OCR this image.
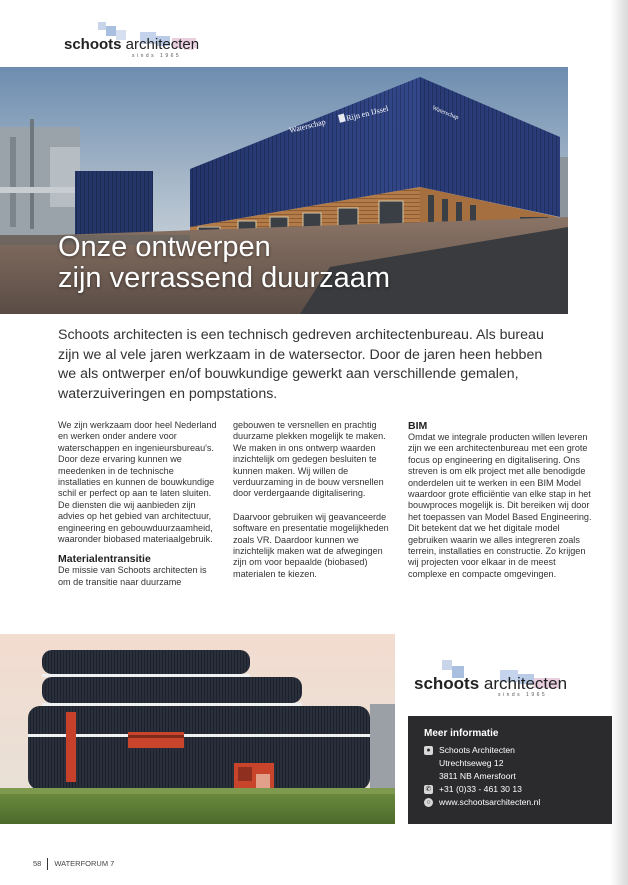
schoots architecten
sinds 1965
Waterschap
Rijn en IJssel	Waterschap
Onze ontwerpen
zijn verrassend duurzaam
Schoots architecten is een technisch gedreven architectenbureau. Als bureau zijn we al vele jaren werkzaam in de watersector. Door de jaren heen hebben we als ontwerper en/of bouwkundige gewerkt aan verschillende gemalen, waterzuiveringen en pompstations.

We zijn werkzaam door heel Nederland en werken onder andere voor waterschappen en ingenieursbureau's. Door deze ervaring kunnen we meedenken in de technische installaties en kunnen de bouwkundige schil er perfect op aan te laten sluiten. De diensten die wij aanbieden zijn advies op het gebied van architectuur, engineering en gebouwduurzaamheid, waaronder biobased materiaalgebruik.

Materialentransitie

De missie van Schoots architecten is om de transitie naar duurzame

gebouwen te versnellen en prachtig duurzame plekken mogelijk te maken. We maken in ons ontwerp waarden inzichtelijk om gedegen besluiten te kunnen maken. Wij willen de verduurzaming in de bouw versnellen door verdergaande digitalisering.

Daarvoor gebruiken wij geavanceerde software en presentatie mogelijkheden zoals VR. Daardoor kunnen we inzichtelijk maken wat de afwegingen zijn om voor bepaalde (biobased) materialen te kiezen.

BIM

Omdat we integrale producten willen leveren zijn we een architectenbureau met een grote focus op engineering en digitalisering. Ons streven is om elk project met alle benodigde onderdelen uit te werken in een BIM Model waardoor grote efficiëntie van elke stap in het bouwproces mogelijk is. Dit bereiken wij door het toepassen van Model Based Engineering. Dit betekent dat we het digitale model gebruiken waarin we alles integreren zoals terrein, installaties en constructie. Zo krijgen wij projecten voor elkaar in de meest complexe en compacte omgevingen.

schoots architecten
sinds 1965
Meer informatie
● Schoots Architecten
Utrechtseweg 12
3811 NB Amersfoort
✆ +31 (0)33 - 461 30 13
○ www.schootsarchitecten.nl
58 WATERFORUM 7
